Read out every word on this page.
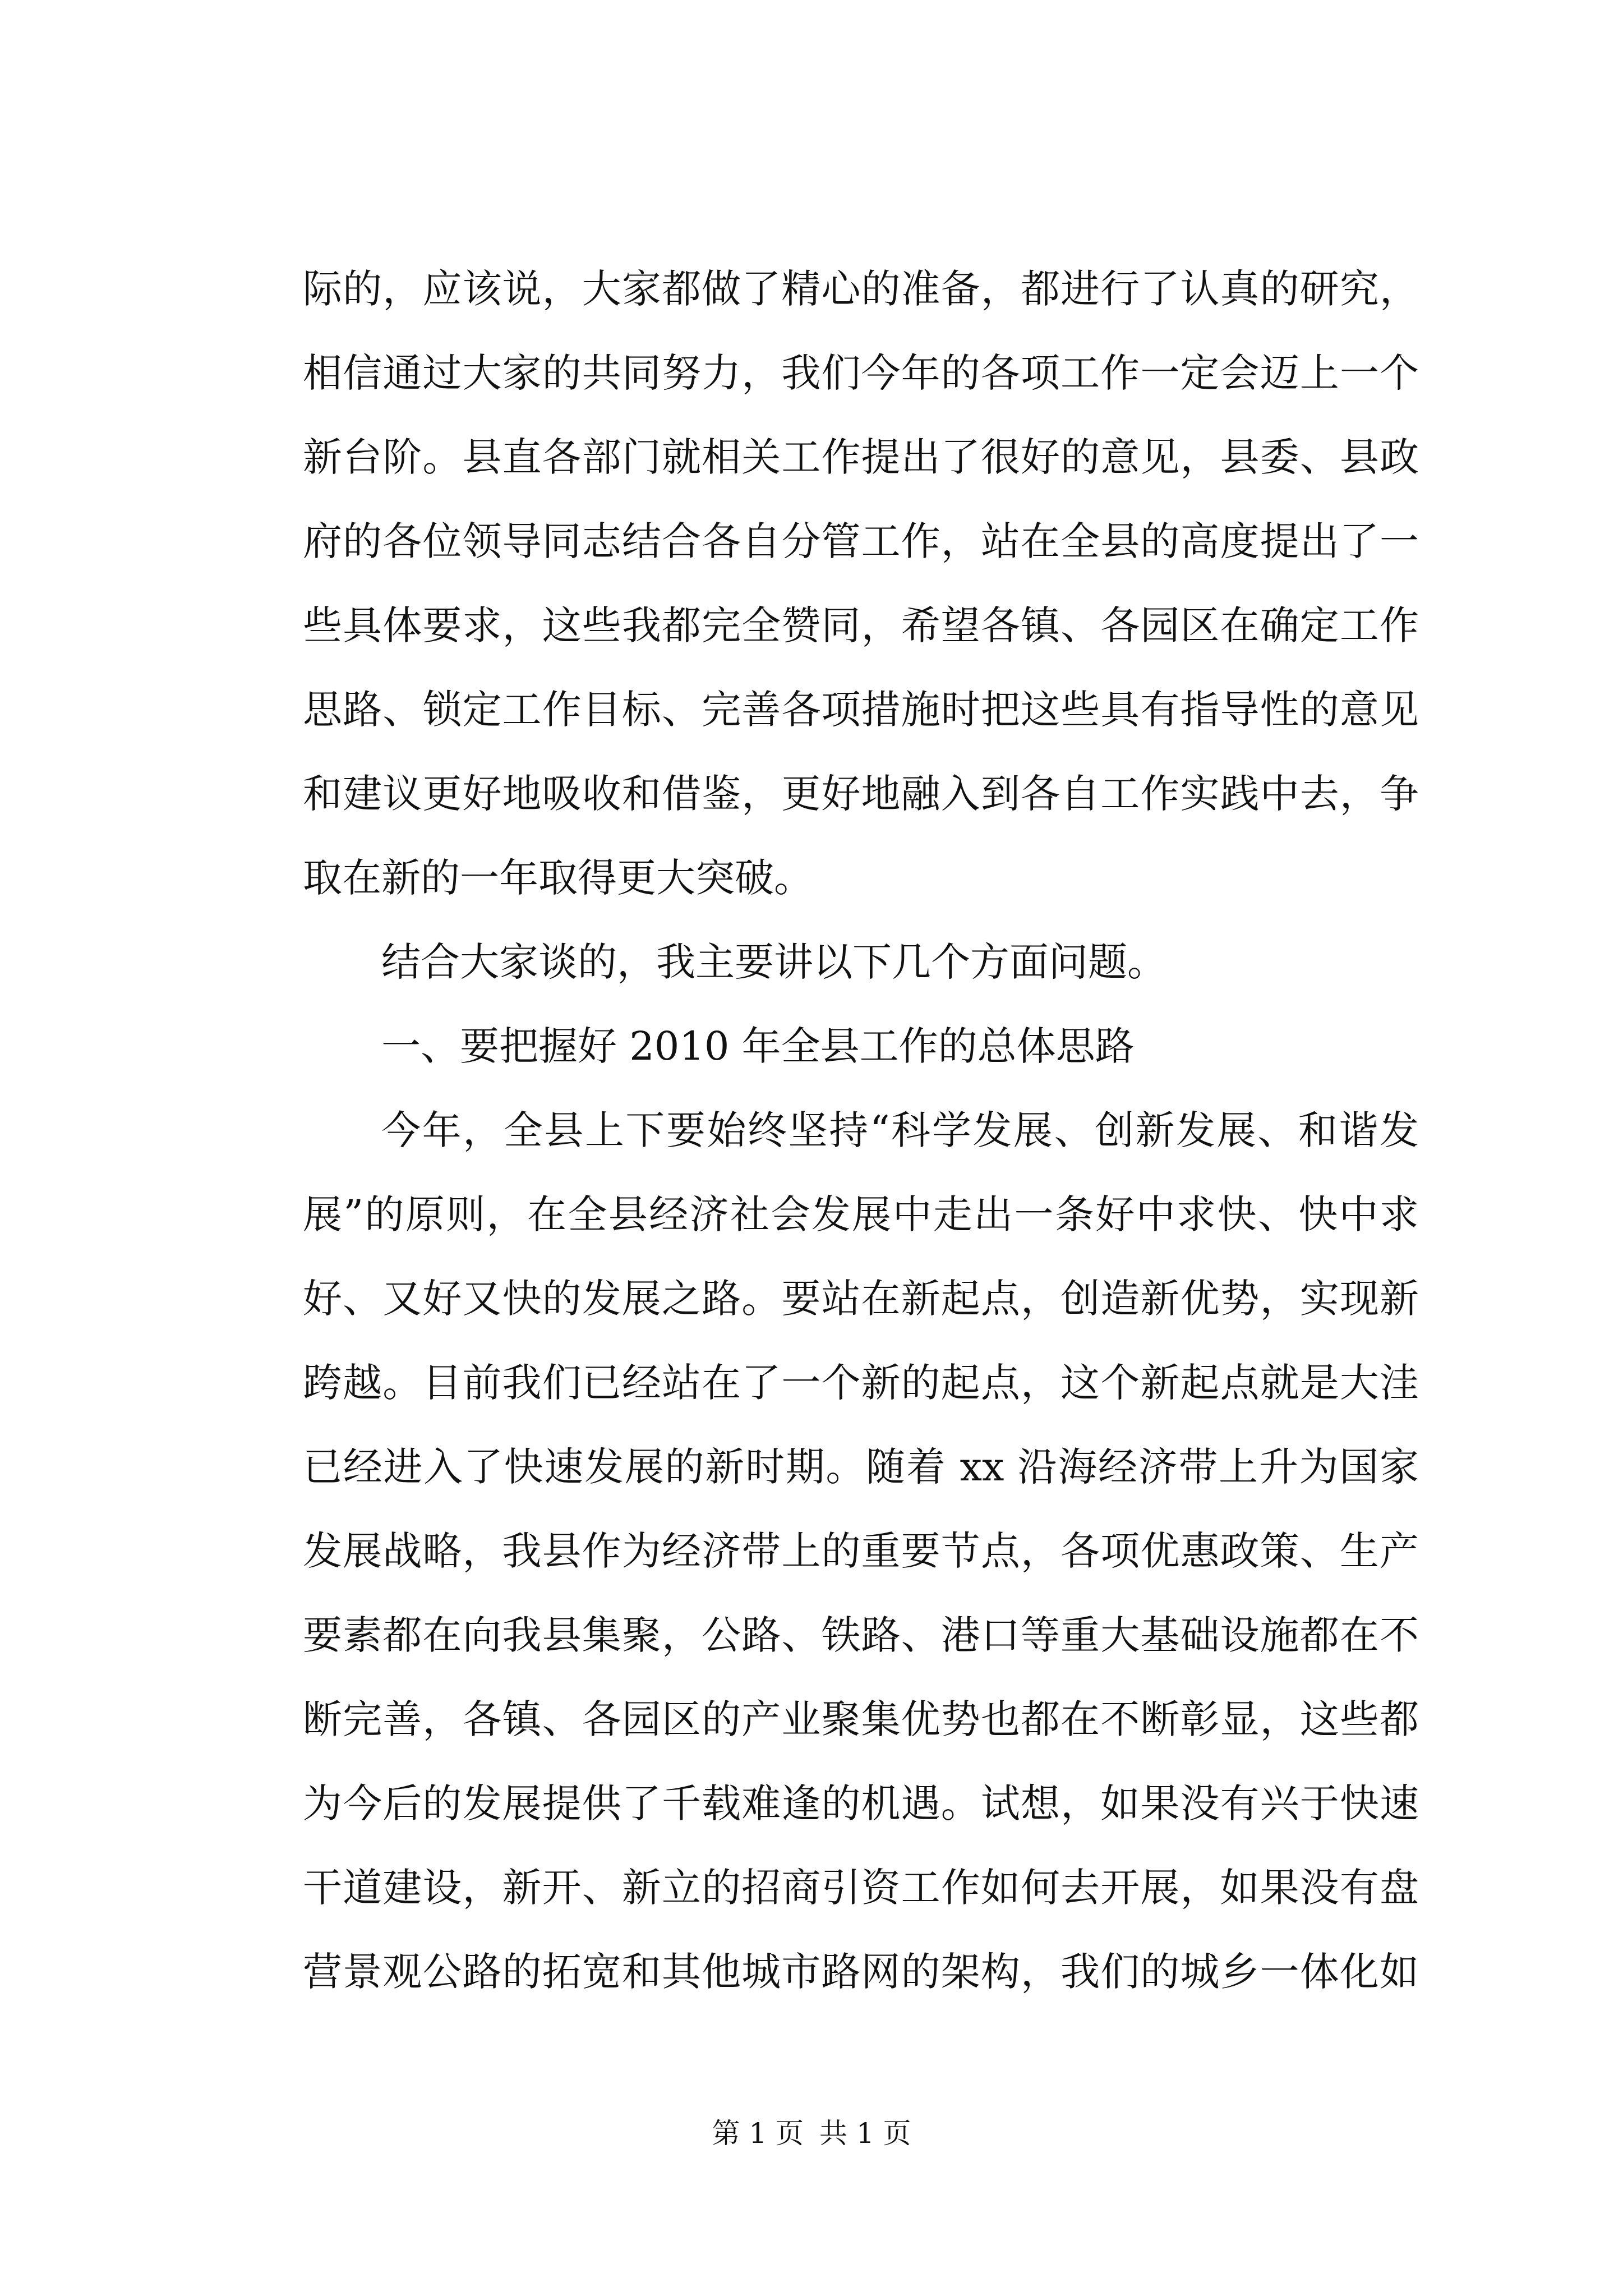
际的，应该说，大家都做了精心的准备，都进行了认真的研究，
相信通过大家的共同努力，我们今年的各项工作一定会迈上一个
新台阶。县直各部门就相关工作提出了很好的意见，县委、县政
府的各位领导同志结合各自分管工作，站在全县的高度提出了一
些具体要求，这些我都完全赞同，希望各镇、各园区在确定工作
思路、锁定工作目标、完善各项措施时把这些具有指导性的意见
和建议更好地吸收和借鉴，更好地融入到各自工作实践中去，争
取在新的一年取得更大突破。
结合大家谈的，我主要讲以下几个方面问题。
一、要把握好 2010 年全县工作的总体思路
今年，全县上下要始终坚持“科学发展、创新发展、和谐发
展”的原则，在全县经济社会发展中走出一条好中求快、快中求
好、又好又快的发展之路。要站在新起点，创造新优势，实现新
跨越。目前我们已经站在了一个新的起点，这个新起点就是大洼
已经进入了快速发展的新时期。随着 xx 沿海经济带上升为国家
发展战略，我县作为经济带上的重要节点，各项优惠政策、生产
要素都在向我县集聚，公路、铁路、港口等重大基础设施都在不
断完善，各镇、各园区的产业聚集优势也都在不断彰显，这些都
为今后的发展提供了千载难逢的机遇。试想，如果没有兴于快速
干道建设，新开、新立的招商引资工作如何去开展，如果没有盘
营景观公路的拓宽和其他城市路网的架构，我们的城乡一体化如
第 1 页 共 1 页
